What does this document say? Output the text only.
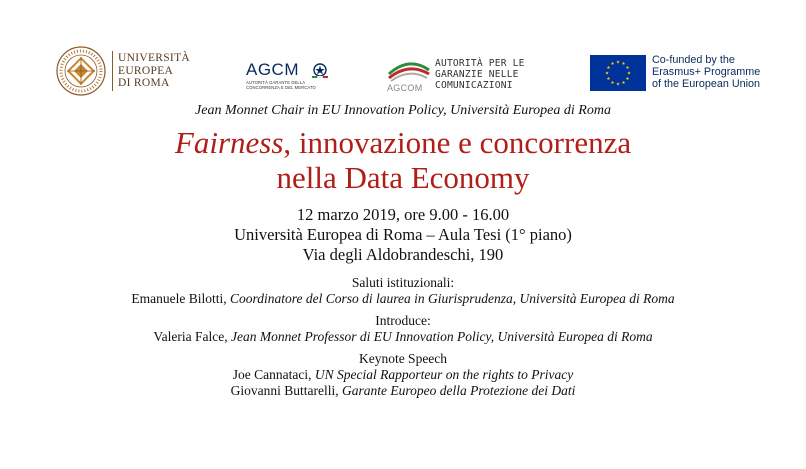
UNIVERSITÀ
EUROPEA
DI ROMA
AGCM
AUTORITÀ GARANTE DELLA CONCORRENZA E DEL MERCATO	AGCOM
AUTORITÀ PER LE
GARANZIE NELLE
COMUNICAZIONI
Co-funded by the
Erasmus+ Programme
of the European Union
Jean Monnet Chair in EU Innovation Policy, Università Europea di Roma
Fairness, innovazione e concorrenza
nella Data Economy
12 marzo 2019, ore 9.00 - 16.00
Università Europea di Roma – Aula Tesi (1° piano)
Via degli Aldobrandeschi, 190
Saluti istituzionali:
Emanuele Bilotti, Coordinatore del Corso di laurea in Giurisprudenza, Università Europea di Roma
Introduce:
Valeria Falce, Jean Monnet Professor di EU Innovation Policy, Università Europea di Roma
Keynote Speech
Joe Cannataci, UN Special Rapporteur on the rights to Privacy
Giovanni Buttarelli, Garante Europeo della Protezione dei Dati
